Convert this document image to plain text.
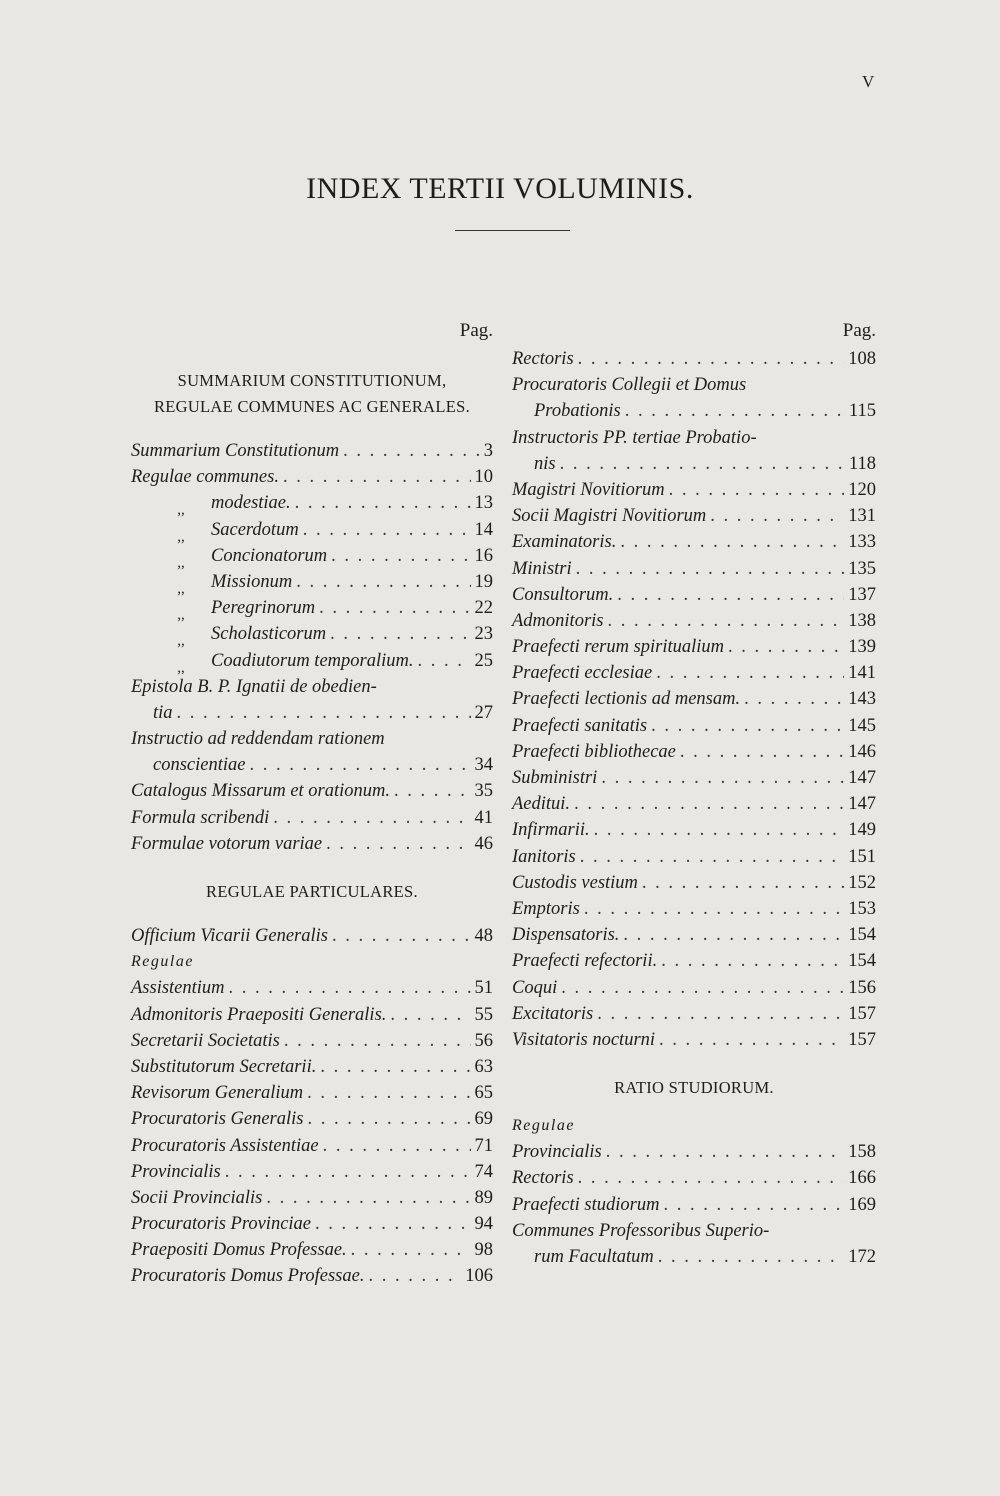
V
INDEX TERTII VOLUMINIS.
Pag.
SUMMARIUM CONSTITUTIONUM,
REGULAE COMMUNES AC GENERALES.
Summarium Constitutionum . . .	3
Regulae communes. . . .	10
,,	modestiae. . . .	13
,,	Sacerdotum . . .	14
,,	Concionatorum . . .	16
,,	Missionum . . .	19
,,	Peregrinorum . . .	22
,,	Scholasticorum . . .	23
,,	Coadiutorum temporalium. . . .	25
Epistola B. P. Ignatii de obedien-
tia . . .	27
Instructio ad reddendam rationem
conscientiae . . .	34
Catalogus Missarum et orationum. . . .	35
Formula scribendi . . .	41
Formulae votorum variae . . .	46
REGULAE PARTICULARES.
Officium Vicarii Generalis . . .	48
Regulae
Assistentium . . .	51
Admonitoris Praepositi Generalis. . . .	55
Secretarii Societatis . . .	56
Substitutorum Secretarii. . . .	63
Revisorum Generalium . . .	65
Procuratoris Generalis . . .	69
Procuratoris Assistentiae . . .	71
Provincialis . . .	74
Socii Provincialis . . .	89
Procuratoris Provinciae . . .	94
Praepositi Domus Professae. . . .	98
Procuratoris Domus Professae. . . .	106
Pag.
Rectoris . . .	108
Procuratoris Collegii et Domus
Probationis . . .	115
Instructoris PP. tertiae Probatio-
nis . . .	118
Magistri Novitiorum . . .	120
Socii Magistri Novitiorum . . .	131
Examinatoris. . . .	133
Ministri . . .	135
Consultorum. . . .	137
Admonitoris . . .	138
Praefecti rerum spiritualium . . .	139
Praefecti ecclesiae . . .	141
Praefecti lectionis ad mensam. . . .	143
Praefecti sanitatis . . .	145
Praefecti bibliothecae . . .	146
Subministri . . .	147
Aeditui. . . .	147
Infirmarii. . . .	149
Ianitoris . . .	151
Custodis vestium . . .	152
Emptoris . . .	153
Dispensatoris. . . .	154
Praefecti refectorii. . . .	154
Coqui . . .	156
Excitatoris . . .	157
Visitatoris nocturni . . .	157
RATIO STUDIORUM.
Regulae
Provincialis . . .	158
Rectoris . . .	166
Praefecti studiorum . . .	169
Communes Professoribus Superio-
rum Facultatum . . .	172
